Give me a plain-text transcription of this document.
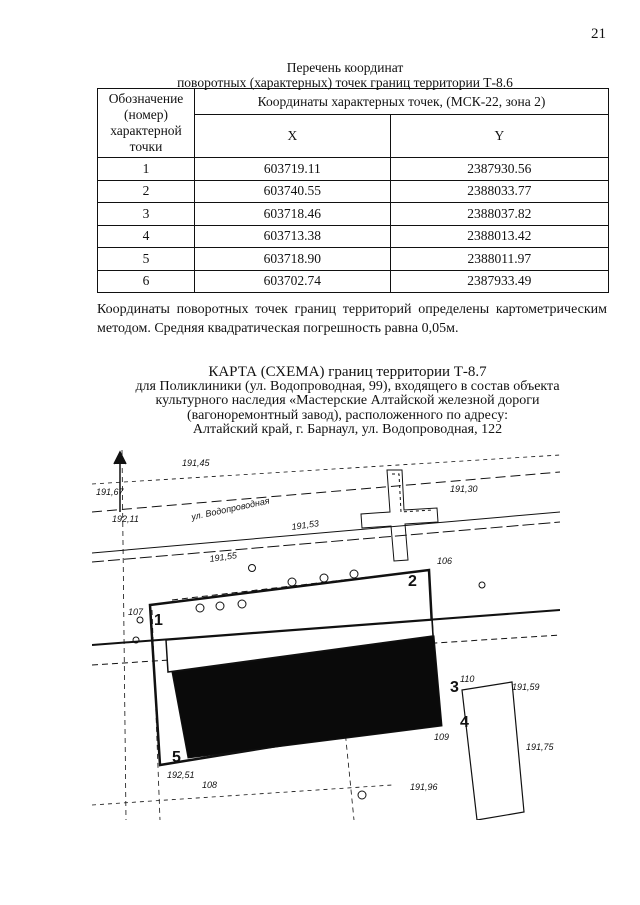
21
Перечень координат
поворотных (характерных) точек границ территории Т-8.6
Обозначение (номер) характерной точки	Координаты характерных точек, (МСК-22, зона 2)	
	X	Y
1	603719.11	2387930.56
2	603740.55	2388033.77
3	603718.46	2388037.82
4	603713.38	2388013.42
5	603718.90	2388011.97
6	603702.74	2387933.49
Координаты поворотных точек границ территорий определены картометрическим методом. Средняя квадратическая погрешность равна 0,05м.
КАРТА (СХЕМА) границ территории Т-8.7
для Поликлиники (ул. Водопроводная, 99), входящего в состав объекта
культурного наследия «Мастерские Алтайской железной дороги
(вагоноремонтный завод), расположенного по адресу:
Алтайский край, г. Барнаул, ул. Водопроводная, 122
ул. Водопроводная
191,45
191,67
192,11
191,55
191,53
191,30
191,59
192,51
191,75
191,96
107
108
109
110
106
1
2
3
4
5
